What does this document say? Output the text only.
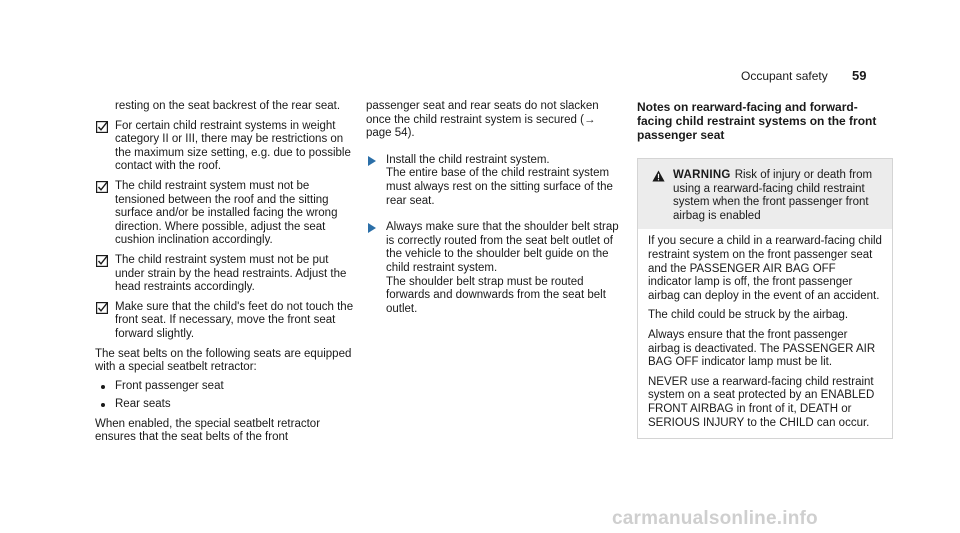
Occupant safety 59

resting on the seat backrest of the rear seat.

For certain child restraint systems in weight category II or III, there may be restrictions on the maximum size setting, e.g. due to possible contact with the roof.
The child restraint system must not be tensioned between the roof and the sitting surface and/or be installed facing the wrong direction. Where possible, adjust the seat cushion inclination accordingly.
The child restraint system must not be put under strain by the head restraints. Adjust the head restraints accordingly.
Make sure that the child's feet do not touch the front seat. If necessary, move the front seat forward slightly.

The seat belts on the following seats are equipped with a special seatbelt retractor:

Front passenger seat
Rear seats

When enabled, the special seatbelt retractor ensures that the seat belts of the front

passenger seat and rear seats do not slacken once the child restraint system is secured (→ page 54).

Install the child restraint system.

The entire base of the child restraint system must always rest on the sitting surface of the rear seat.

Always make sure that the shoulder belt strap is correctly routed from the seat belt outlet of the vehicle to the shoulder belt guide on the child restraint system.

The shoulder belt strap must be routed forwards and downwards from the seat belt outlet.

Notes on rearward-facing and forward-facing child restraint systems on the front passenger seat

WARNING Risk of injury or death from using a rearward-facing child restraint system when the front passenger front airbag is enabled

If you secure a child in a rearward-facing child restraint system on the front passenger seat and the PASSENGER AIR BAG OFF indicator lamp is off, the front passenger airbag can deploy in the event of an accident.

The child could be struck by the airbag.

Always ensure that the front passenger airbag is deactivated. The PASSENGER AIR BAG OFF indicator lamp must be lit.

NEVER use a rearward-facing child restraint system on a seat protected by an ENABLED FRONT AIRBAG in front of it, DEATH or SERIOUS INJURY to the CHILD can occur.

carmanualsonline.info
